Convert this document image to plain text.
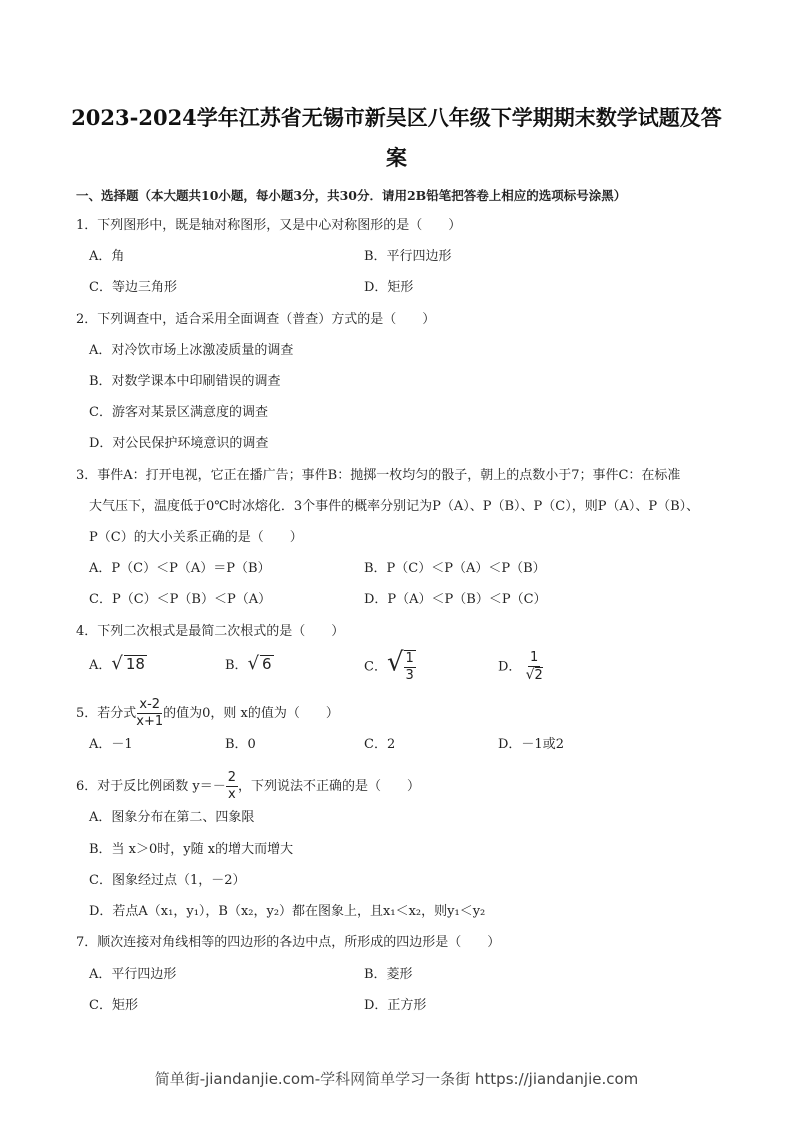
2023-2024学年江苏省无锡市新吴区八年级下学期期末数学试题及答
案
一、选择题（本大题共10小题，每小题3分，共30分．请用2B铅笔把答卷上相应的选项标号涂黑）
1．下列图形中，既是轴对称图形，又是中心对称图形的是（　　）
A．角	B．平行四边形
C．等边三角形	D．矩形
2．下列调查中，适合采用全面调查（普查）方式的是（　　）
A．对冷饮市场上冰激凌质量的调查
B．对数学课本中印刷错误的调查
C．游客对某景区满意度的调查
D．对公民保护环境意识的调查
3．事件A：打开电视，它正在播广告；事件B：抛掷一枚均匀的骰子，朝上的点数小于7；事件C：在标准
大气压下，温度低于0℃时冰熔化．3个事件的概率分别记为P（A）、P（B）、P（C），则P（A）、P（B）、
P（C）的大小关系正确的是（　　）
A．P（C）＜P（A）＝P（B）	B．P（C）＜P（A）＜P（B）
C．P（C）＜P（B）＜P（A）	D．P（A）＜P（B）＜P（C）
4．下列二次根式是最简二次根式的是（　　）
A．√ 18	B．√ 6	C．√ $\frac{1}{3}$	D． $\frac{1}{√2}$
5．若分式 $\frac{x-2}{x+1}$ 的值为0，则 x的值为（　　）
A．－1	B．0	C．2	D．－1或2
6．对于反比例函数 $y=- \frac{2}{x}$ ，下列说法不正确的是（　　）
A．图象分布在第二、四象限
B．当 x＞0时，y随 x的增大而增大
C．图象经过点（1，－2）
D．若点A（x₁，y₁），B（x₂，y₂）都在图象上，且x₁＜x₂，则y₁＜y₂
7．顺次连接对角线相等的四边形的各边中点，所形成的四边形是（　　）
A．平行四边形	B．菱形
C．矩形	D．正方形
简单街-jiandanjie.com-学科网简单学习一条街 https://jiandanjie.com
